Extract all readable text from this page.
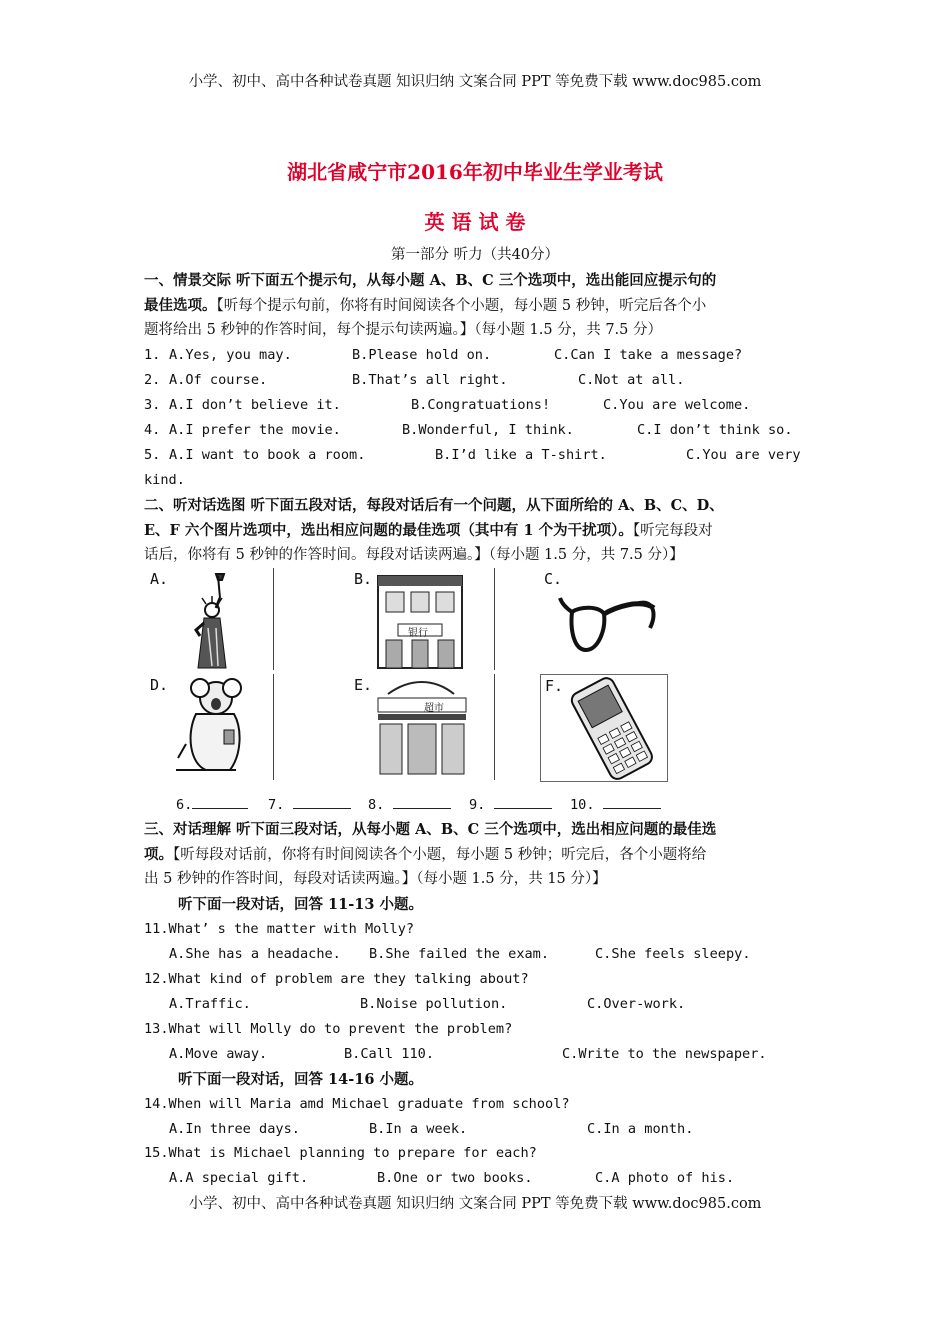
小学、初中、高中各种试卷真题 知识归纳 文案合同 PPT 等免费下载 www.doc985.com
湖北省咸宁市2016年初中毕业生学业考试
英 语 试 卷
第一部分 听力（共40分）
一、情景交际 听下面五个提示句，从每小题 A、B、C 三个选项中，选出能回应提示句的
最佳选项。【听每个提示句前，你将有时间阅读各个小题，每小题 5 秒钟，听完后各个小
题将给出 5 秒钟的作答时间，每个提示句读两遍。】（每小题 1.5 分，共 7.5 分）
1. A.Yes, you may.	B.Please hold on.	C.Can I take a message?
2. A.Of course.	B.That’s all right.	C.Not at all.
3. A.I don’t believe it.	B.Congratuations!	C.You are welcome.
4. A.I prefer the movie.	B.Wonderful, I think.	C.I don’t think so.
5. A.I want to book a room.	B.I’d like a T-shirt.	C.You are very
kind.
二、听对话选图 听下面五段对话，每段对话后有一个问题，从下面所给的 A、B、C、D、
E、F 六个图片选项中，选出相应问题的最佳选项（其中有 1 个为干扰项）。【听完每段对
话后，你将有 5 秒钟的作答时间。每段对话读两遍。】（每小题 1.5 分，共 7.5 分）】
A.	B.
银行
C.
D.	E.
超市
F.
6.	7.	8.	9.	10.
三、对话理解 听下面三段对话，从每小题 A、B、C 三个选项中，选出相应问题的最佳选
项。【听每段对话前，你将有时间阅读各个小题，每小题 5 秒钟；听完后，各个小题将给
出 5 秒钟的作答时间，每段对话读两遍。】（每小题 1.5 分，共 15 分）】
听下面一段对话，回答 11-13 小题。
11.What’ s the matter with Molly?
A.She has a headache. B.She failed the exam.	C.She feels sleepy.
12.What kind of problem are they talking about?
A.Traffic.	B.Noise pollution.	C.Over-work.
13.What will Molly do to prevent the problem?
A.Move away.	B.Call 110.	C.Write to the newspaper.
听下面一段对话，回答 14-16 小题。
14.When will Maria amd Michael graduate from school?
A.In three days.	B.In a week.	C.In a month.
15.What is Michael planning to prepare for each?
A.A special gift.	B.One or two books.	C.A photo of his.
小学、初中、高中各种试卷真题 知识归纳 文案合同 PPT 等免费下载 www.doc985.com
